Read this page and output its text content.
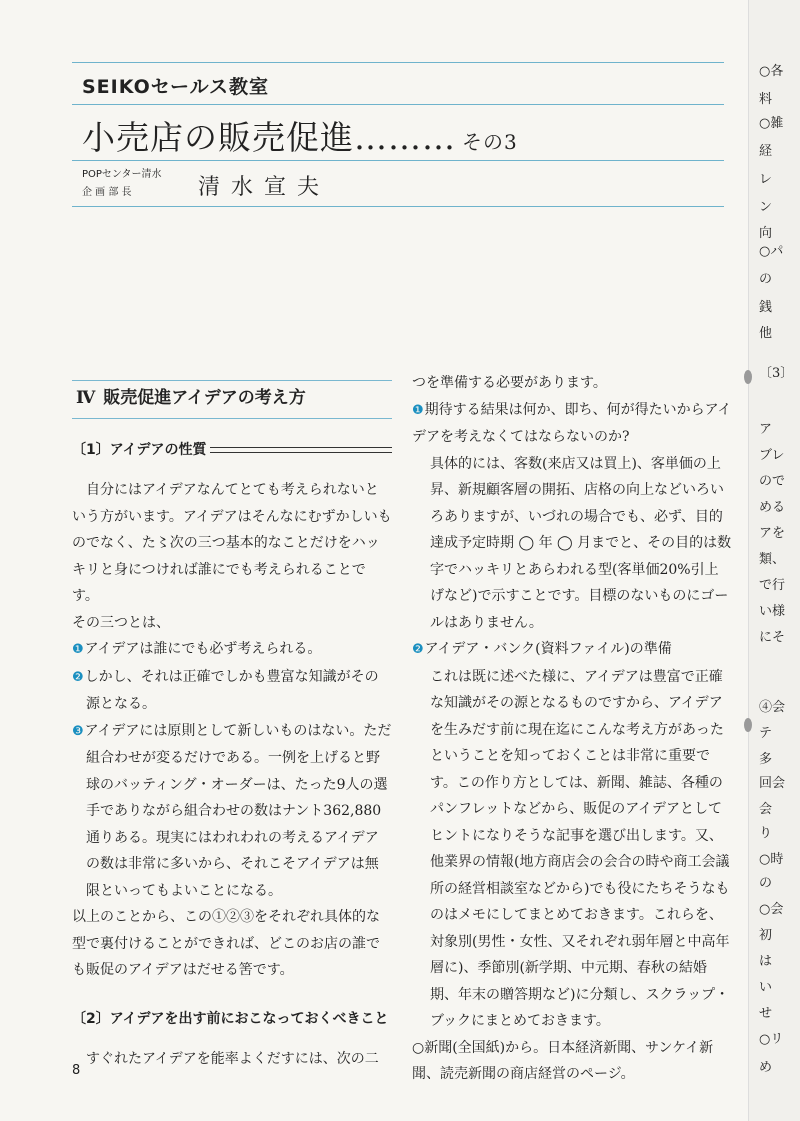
SEIKOセールス教室
小売店の販売促進……… その3
POPセンター清水
企 画 部 長	清水宣夫
Ⅳ 販売促進アイデアの考え方
〔1〕アイデアの性質

自分にはアイデアなんてとても考えられないという方がいます。アイデアはそんなにむずかしいものでなく、た〻次の三つ基本的なことだけをハッキリと身につければ誰にでも考えられることです。

その三つとは、

❶アイデアは誰にでも必ず考えられる。

❷しかし、それは正確でしかも豊富な知識がその源となる。

❸アイデアには原則として新しいものはない。ただ組合わせが変るだけである。一例を上げると野球のバッティング・オーダーは、たった9人の選手でありながら組合わせの数はナント362,880通りある。現実にはわれわれの考えるアイデアの数は非常に多いから、それこそアイデアは無限といってもよいことになる。

以上のことから、この①②③をそれぞれ具体的な型で裏付けることができれば、どこのお店の誰でも販促のアイデアはだせる筈です。

〔2〕アイデアを出す前におこなっておくべきこと

すぐれたアイデアを能率よくだすには、次の二

つを準備する必要があります。

❶期待する結果は何か、即ち、何が得たいからアイデアを考えなくてはならないのか?

具体的には、客数(来店又は買上)、客単価の上昇、新規顧客層の開拓、店格の向上などいろいろありますが、いづれの場合でも、必ず、目的達成予定時期 ◯ 年 ◯ 月までと、その目的は数字でハッキリとあらわれる型(客単価20%引上げなど)で示すことです。目標のないものにゴールはありません。

❷アイデア・バンク(資料ファイル)の準備

これは既に述べた様に、アイデアは豊富で正確な知識がその源となるものですから、アイデアを生みだす前に現在迄にこんな考え方があったということを知っておくことは非常に重要です。この作り方としては、新聞、雑誌、各種のパンフレットなどから、販促のアイデアとしてヒントになりそうな記事を選び出します。又、他業界の情報(地方商店会の会合の時や商工会議所の経営相談室などから)でも役にたちそうなものはメモにしてまとめておきます。これらを、対象別(男性・女性、又それぞれ弱年層と中高年層に)、季節別(新学期、中元期、春秋の結婚期、年末の贈答期など)に分類し、スクラップ・ブックにまとめておきます。

○新聞(全国紙)から。日本経済新聞、サンケイ新聞、読売新聞の商店経営のページ。

8
○各
料
○雑
経
レ
ン
向
○パ
の
銭
他
〔3〕
ア
ブレ
ので
める
アを
類、
で行
い様
にそ
④会
テ
多
回会
会
り
○時
の
○会
初
は
い
せ
○リ
め
